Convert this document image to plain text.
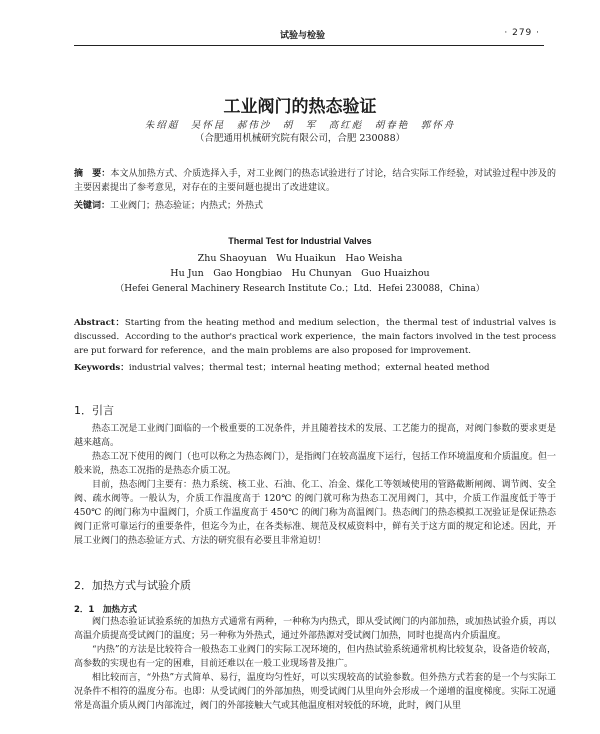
试验与检验	· 279 ·
工业阀门的热态验证
朱绍超　吴怀昆　郝伟沙　胡　军　高红彪　胡春艳　郭怀舟
（合肥通用机械研究院有限公司，合肥 230088）
摘　要：本文从加热方式、介质选择入手，对工业阀门的热态试验进行了讨论，结合实际工作经验，对试验过程中涉及的主要因素提出了参考意见，对存在的主要问题也提出了改进建议。
关键词：工业阀门；热态验证；内热式；外热式
Thermal Test for Industrial Valves
Zhu Shaoyuan　Wu Huaikun　Hao Weisha
Hu Jun　Gao Hongbiao　Hu Chunyan　Guo Huaizhou
（Hefei General Machinery Research Institute Co.；Ltd．Hefei 230088，China）
Abstract：Starting from the heating method and medium selection，the thermal test of industrial valves is discussed．According to the author's practical work experience，the main factors involved in the test process are put forward for reference，and the main problems are also proposed for improvement.
Keywords：industrial valves；thermal test；internal heating method；external heated method
1．引言
热态工况是工业阀门面临的一个极重要的工况条件，并且随着技术的发展、工艺能力的提高，对阀门参数的要求更是越来越高。
热态工况下使用的阀门（也可以称之为热态阀门），是指阀门在较高温度下运行，包括工作环境温度和介质温度。但一般来说，热态工况指的是热态介质工况。
目前，热态阀门主要有：热力系统、核工业、石油、化工、冶金、煤化工等领域使用的管路截断闸阀、调节阀、安全阀、疏水阀等。一般认为，介质工作温度高于 120℃ 的阀门就可称为热态工况用阀门，其中，介质工作温度低于等于 450℃ 的阀门称为中温阀门，介质工作温度高于 450℃ 的阀门称为高温阀门。热态阀门的热态模拟工况验证是保证热态阀门正常可靠运行的重要条件，但迄今为止，在各类标准、规范及权威资料中，鲜有关于这方面的规定和论述。因此，开展工业阀门的热态验证方式、方法的研究很有必要且非常迫切！
2．加热方式与试验介质
2．1　加热方式
阀门热态验证试验系统的加热方式通常有两种，一种称为内热式，即从受试阀门的内部加热，或加热试验介质，再以高温介质提高受试阀门的温度；另一种称为外热式，通过外部热源对受试阀门加热，同时也提高内介质温度。
“内热”的方法是比较符合一般热态工业阀门的实际工况环境的，但内热试验系统通常机构比较复杂，设备造价较高，高参数的实现也有一定的困难，目前还难以在一般工业现场普及推广。
相比较而言，“外热”方式简单、易行，温度均匀性好，可以实现较高的试验参数。但外热方式若套的是一个与实际工况条件不相符的温度分布。也即：从受试阀门的外部加热，则受试阀门从里向外会形成一个递增的温度梯度。实际工况通常是高温介质从阀门内部流过，阀门的外部接触大气或其他温度相对较低的环境，此时，阀门从里
